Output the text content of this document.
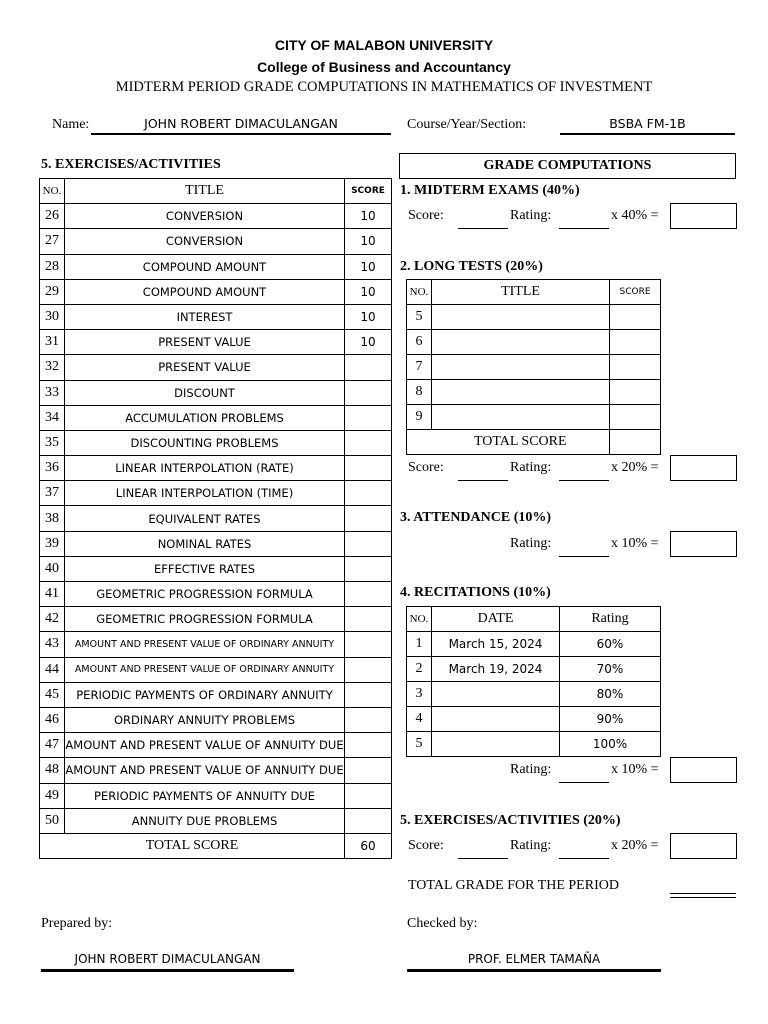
CITY OF MALABON UNIVERSITY
College of Business and Accountancy
MIDTERM PERIOD GRADE COMPUTATIONS IN MATHEMATICS OF INVESTMENT
Name:	JOHN ROBERT DIMACULANGAN	Course/Year/Section:	BSBA FM-1B
5. EXERCISES/ACTIVITIES
NO.	TITLE	SCORE
26	CONVERSION	10
27	CONVERSION	10
28	COMPOUND AMOUNT	10
29	COMPOUND AMOUNT	10
30	INTEREST	10
31	PRESENT VALUE	10
32	PRESENT VALUE	
33	DISCOUNT	
34	ACCUMULATION PROBLEMS	
35	DISCOUNTING PROBLEMS	
36	LINEAR INTERPOLATION (RATE)	
37	LINEAR INTERPOLATION (TIME)	
38	EQUIVALENT RATES	
39	NOMINAL RATES	
40	EFFECTIVE RATES	
41	GEOMETRIC PROGRESSION FORMULA	
42	GEOMETRIC PROGRESSION FORMULA	
43	AMOUNT AND PRESENT VALUE OF ORDINARY ANNUITY	
44	AMOUNT AND PRESENT VALUE OF ORDINARY ANNUITY	
45	PERIODIC PAYMENTS OF ORDINARY ANNUITY	
46	ORDINARY ANNUITY PROBLEMS	
47	AMOUNT AND PRESENT VALUE OF ANNUITY DUE	
48	AMOUNT AND PRESENT VALUE OF ANNUITY DUE	
49	PERIODIC PAYMENTS OF ANNUITY DUE	
50	ANNUITY DUE PROBLEMS	
TOTAL SCORE		60
GRADE COMPUTATIONS
1. MIDTERM EXAMS (40%)
Score:	Rating:	x 40% =
2. LONG TESTS (20%)
NO.	TITLE	SCORE
5		
6		
7		
8		
9		
	TOTAL SCORE	
Score:	Rating:	x 20% =
3. ATTENDANCE (10%)
Rating:	x 10% =
4. RECITATIONS (10%)
NO.	DATE	Rating
1	March 15, 2024	60%
2	March 19, 2024	70%
3		80%
4		90%
5		100%
Rating:	x 10% =
5. EXERCISES/ACTIVITIES (20%)
Score:	Rating:	x 20% =
TOTAL GRADE FOR THE PERIOD
Prepared by:
JOHN ROBERT DIMACULANGAN
Checked by:
PROF. ELMER TAMAÑA
